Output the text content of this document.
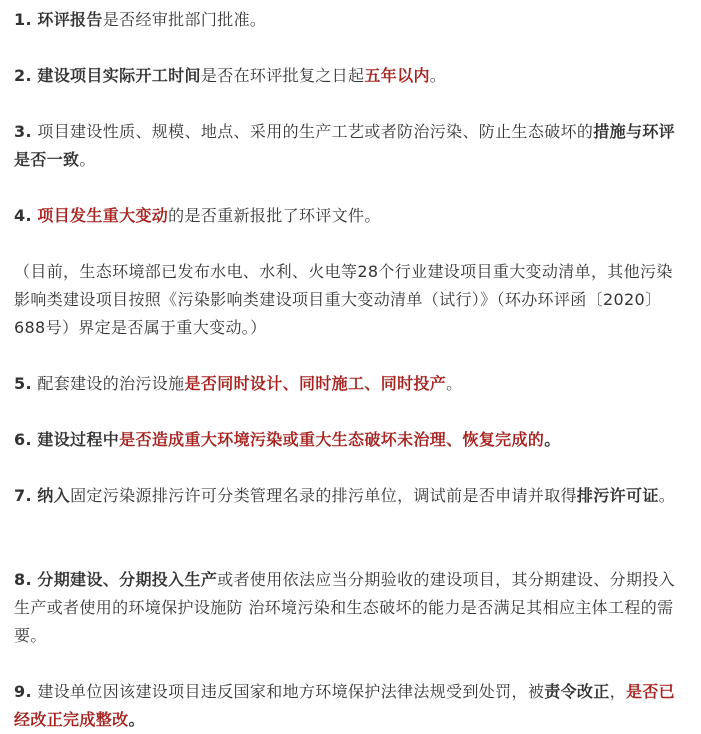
1. 环评报告是否经审批部门批准。

2. 建设项目实际开工时间是否在环评批复之日起五年以内。

3. 项目建设性质、规模、地点、采用的生产工艺或者防治污染、防止生态破坏的措施与环评是否一致。

4. 项目发生重大变动的是否重新报批了环评文件。

（目前，生态环境部已发布水电、水利、火电等28个行业建设项目重大变动清单，其他污染影响类建设项目按照《污染影响类建设项目重大变动清单（试行）》（环办环评函〔2020〕688号）界定是否属于重大变动。）

5. 配套建设的治污设施是否同时设计、同时施工、同时投产。

6. 建设过程中是否造成重大环境污染或重大生态破坏未治理、恢复完成的。

7. 纳入固定污染源排污许可分类管理名录的排污单位，调试前是否申请并取得排污许可证。

8. 分期建设、分期投入生产或者使用依法应当分期验收的建设项目，其分期建设、分期投入生产或者使用的环境保护设施防 治环境污染和生态破坏的能力是否满足其相应主体工程的需要。

9. 建设单位因该建设项目违反国家和地方环境保护法律法规受到处罚，被责令改正，是否已经改正完成整改。
